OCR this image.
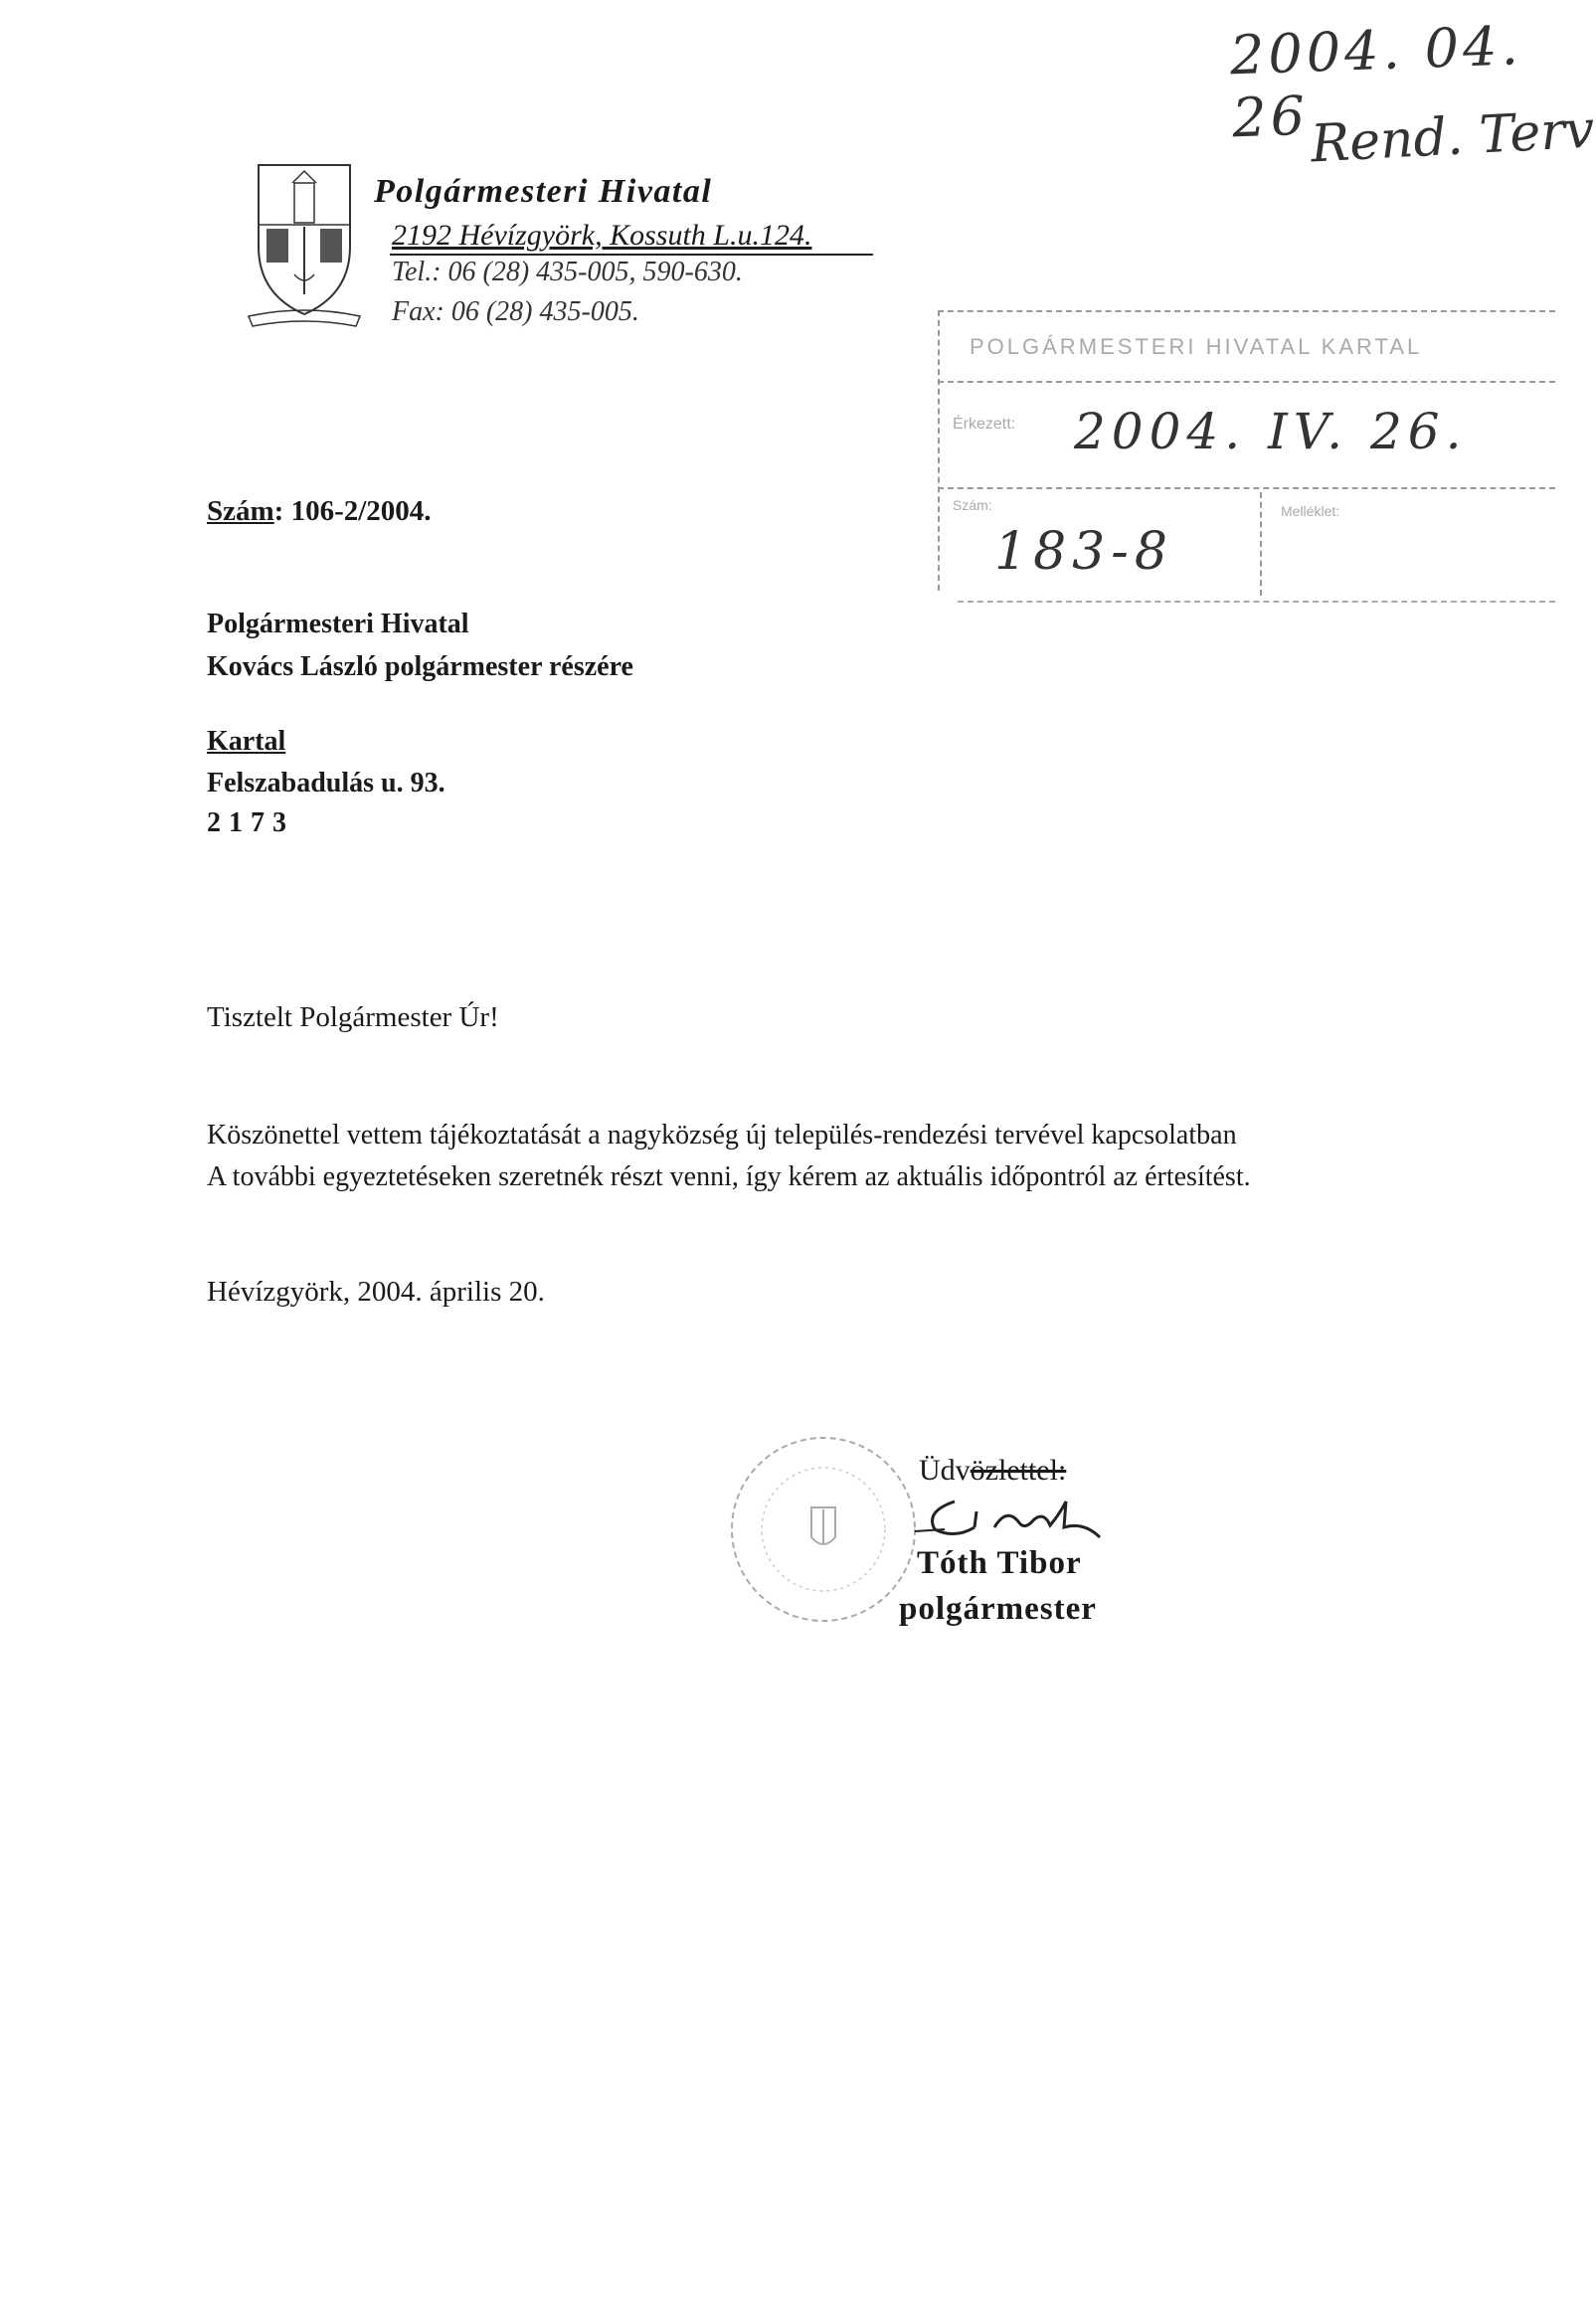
2004. 04. 26 Rend. Terv
Polgármesteri Hivatal
2192 Hévízgyörk, Kossuth L.u.124.
Tel.: 06 (28) 435-005, 590-630.
Fax: 06 (28) 435-005.
POLGÁRMESTERI HIVATAL KARTAL
Érkezett: 2004. IV. 26.
Szám:
183-8
Melléklet:
Szám: 106-2/2004.
Polgármesteri Hivatal
Kovács László polgármester részére
Kartal
Felszabadulás u. 93.
2173
Tisztelt Polgármester Úr!
Köszönettel vettem tájékoztatását a nagyközség új település-rendezési tervével kapcsolatban
A további egyeztetéseken szeretnék részt venni, így kérem az aktuális időpontról az értesítést.
Hévízgyörk, 2004. április 20.
Üdvözlettel:
Tóth Tibor
polgármester
